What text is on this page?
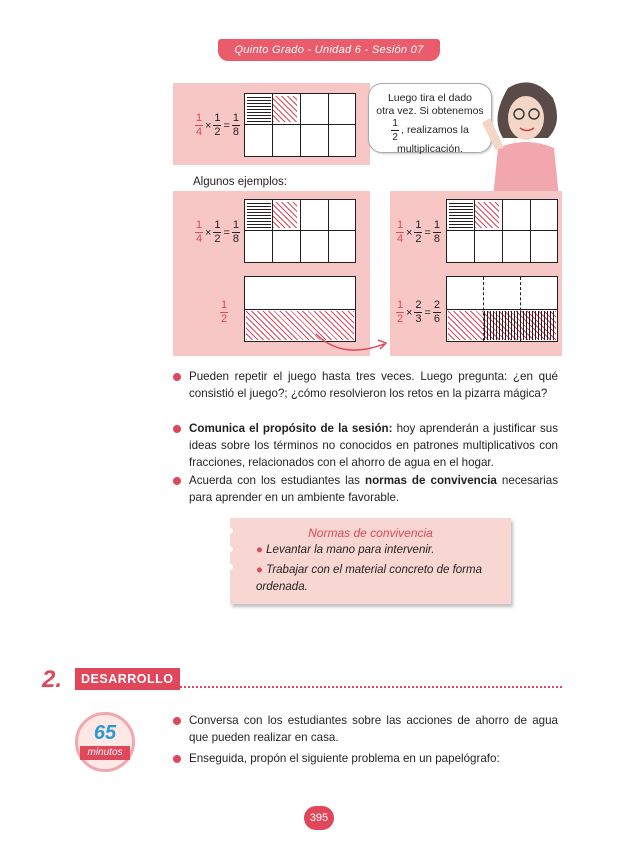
Quinto Grado - Unidad 6 - Sesión 07
1
4
×
1
2
=
1
8
Luego tira el dado
otra vez. Si obtenemos
1
2
, realizamos la
multiplicación.
Algunos ejemplos:
1
4
×
1
2
=
1
8
1
2
1
4
×
1
2
=
1
8
1
2
×
2
3
=
2
6
Pueden repetir el juego hasta tres veces. Luego pregunta: ¿en qué consistió el juego?; ¿cómo resolvieron los retos en la pizarra mágica?
Comunica el propósito de la sesión: hoy aprenderán a justificar sus ideas sobre los términos no conocidos en patrones multiplicativos con fracciones, relacionados con el ahorro de agua en el hogar.
Acuerda con los estudiantes las normas de convivencia necesarias para aprender en un ambiente favorable.
Normas de convivencia
● Levantar la mano para intervenir.
● Trabajar con el material concreto de forma ordenada.
2.	DESARROLLO
65
minutos
Conversa con los estudiantes sobre las acciones de ahorro de agua que pueden realizar en casa.
Enseguida, propón el siguiente problema en un papelógrafo:
395
